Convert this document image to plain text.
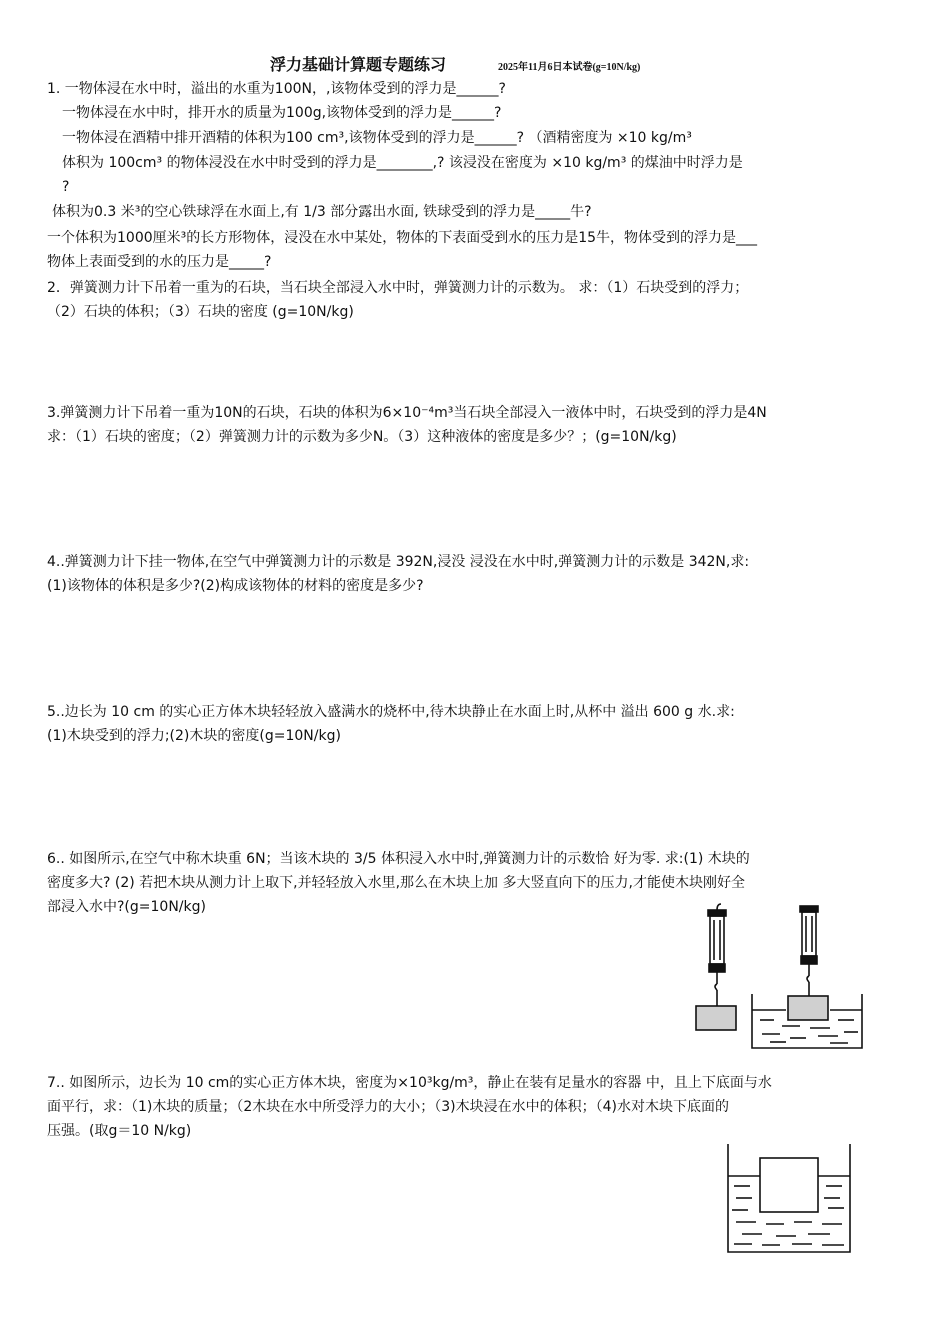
浮力基础计算题专题练习	2025年11月6日本试卷(g=10N/kg)
1. 一物体浸在水中时，溢出的水重为100N，,该物体受到的浮力是______?
一物体浸在水中时，排开水的质量为100g,该物体受到的浮力是______?
一物体浸在酒精中排开酒精的体积为100 cm³,该物体受到的浮力是______? （酒精密度为 ×10 kg/m³
体积为 100cm³ 的物体浸没在水中时受到的浮力是________,? 该浸没在密度为 ×10 kg/m³ 的煤油中时浮力是
?
体积为0.3 米³的空心铁球浮在水面上,有 1/3 部分露出水面, 铁球受到的浮力是_____牛?
一个体积为1000厘米³的长方形物体，浸没在水中某处，物体的下表面受到水的压力是15牛，物体受到的浮力是___
物体上表面受到的水的压力是_____?
2．弹簧测力计下吊着一重为的石块，当石块全部浸入水中时，弹簧测力计的示数为。 求：（1）石块受到的浮力；
（2）石块的体积；（3）石块的密度 (g=10N/kg)
3.弹簧测力计下吊着一重为10N的石块，石块的体积为6×10⁻⁴m³当石块全部浸入一液体中时，石块受到的浮力是4N
求：（1）石块的密度；（2）弹簧测力计的示数为多少N。（3）这种液体的密度是多少？；(g=10N/kg)
4..弹簧测力计下挂一物体,在空气中弹簧测力计的示数是 392N,浸没 浸没在水中时,弹簧测力计的示数是 342N,求:
(1)该物体的体积是多少?(2)构成该物体的材料的密度是多少?
5..边长为 10 cm 的实心正方体木块轻轻放入盛满水的烧杯中,待木块静止在水面上时,从杯中 溢出 600 g 水.求:
(1)木块受到的浮力;(2)木块的密度(g=10N/kg)
6.. 如图所示,在空气中称木块重 6N；当该木块的 3/5 体积浸入水中时,弹簧测力计的示数恰 好为零. 求:(1) 木块的
密度多大? (2) 若把木块从测力计上取下,并轻轻放入水里,那么在木块上加 多大竖直向下的压力,才能使木块刚好全
部浸入水中?(g=10N/kg)
7.. 如图所示，边长为 10 cm的实心正方体木块，密度为×10³kg/m³，静止在装有足量水的容器 中，且上下底面与水
面平行，求：（1)木块的质量；（2木块在水中所受浮力的大小；（3)木块浸在水中的体积；（4)水对木块下底面的
压强。(取g＝10 N/kg)
